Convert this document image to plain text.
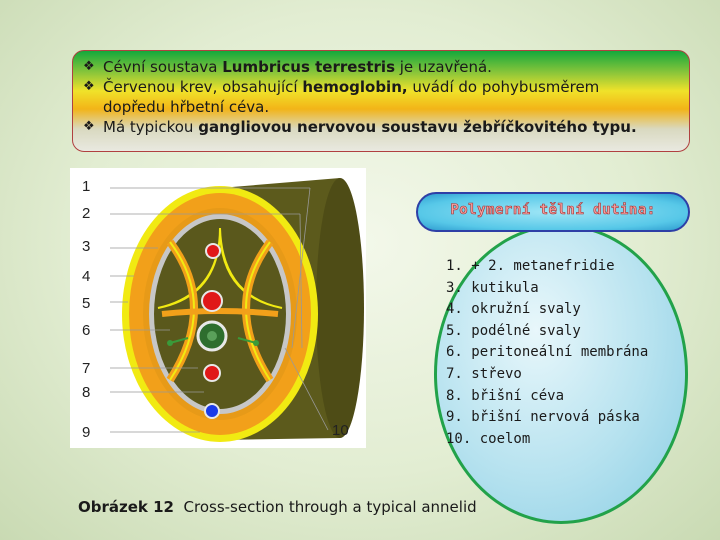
❖ Cévní soustava Lumbricus terrestris je uzavřená.
❖ Červenou krev, obsahující hemoglobin, uvádí do pohybusměrem
dopředu hřbetní céva.
❖ Má typickou gangliovou nervovou soustavu žebříčkovitého typu.
1
2
3
4
5
6
7
8
9	10
Polymerní tělní dutina:
1. + 2. metanefridie
3. kutikula
4. okružní svaly
5. podélné svaly
6. peritoneální membrána
7. střevo
8. břišní céva
9. břišní nervová páska
10. coelom
Obrázek 12 Cross-section through a typical annelid
